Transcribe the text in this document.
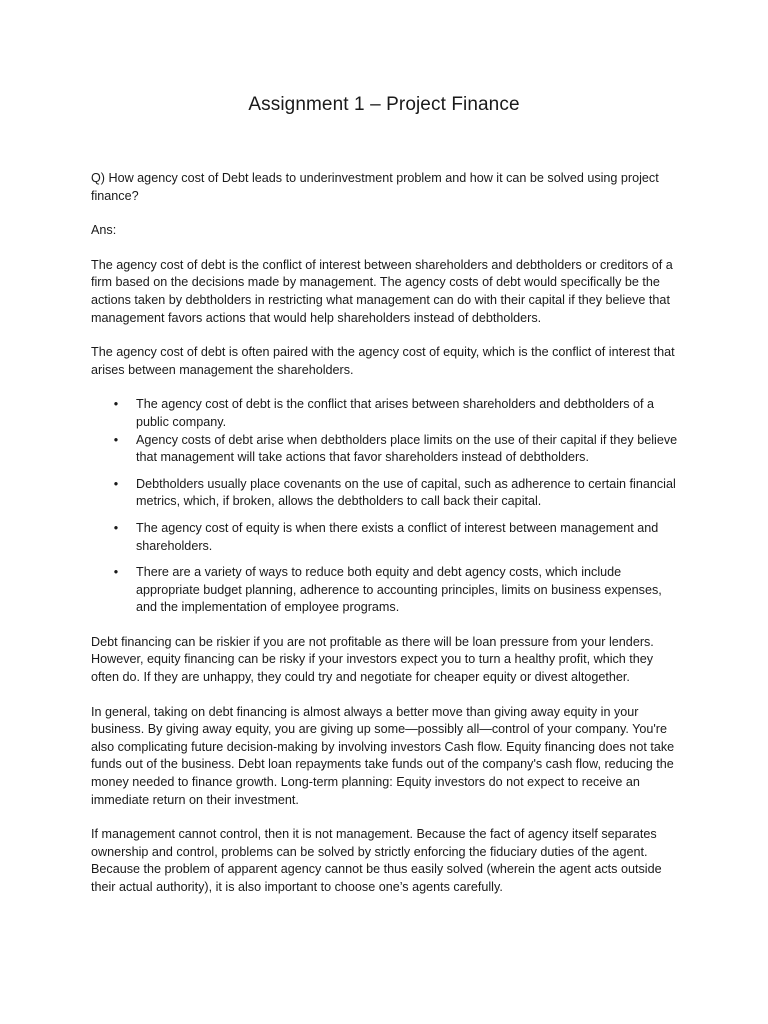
Assignment 1 – Project Finance

Q) How agency cost of Debt leads to underinvestment problem and how it can be solved using project finance?

Ans:

The agency cost of debt is the conflict of interest between shareholders and debtholders or creditors of a firm based on the decisions made by management. The agency costs of debt would specifically be the actions taken by debtholders in restricting what management can do with their capital if they believe that management favors actions that would help shareholders instead of debtholders.

The agency cost of debt is often paired with the agency cost of equity, which is the conflict of interest that arises between management the shareholders.

• The agency cost of debt is the conflict that arises between shareholders and debtholders of a public company.
• Agency costs of debt arise when debtholders place limits on the use of their capital if they believe that management will take actions that favor shareholders instead of debtholders.
• Debtholders usually place covenants on the use of capital, such as adherence to certain financial metrics, which, if broken, allows the debtholders to call back their capital.
• The agency cost of equity is when there exists a conflict of interest between management and shareholders.
• There are a variety of ways to reduce both equity and debt agency costs, which include appropriate budget planning, adherence to accounting principles, limits on business expenses, and the implementation of employee programs.

Debt financing can be riskier if you are not profitable as there will be loan pressure from your lenders. However, equity financing can be risky if your investors expect you to turn a healthy profit, which they often do. If they are unhappy, they could try and negotiate for cheaper equity or divest altogether.

In general, taking on debt financing is almost always a better move than giving away equity in your business. By giving away equity, you are giving up some—possibly all—control of your company. You're also complicating future decision-making by involving investors Cash flow. Equity financing does not take funds out of the business. Debt loan repayments take funds out of the company's cash flow, reducing the money needed to finance growth. Long-term planning: Equity investors do not expect to receive an immediate return on their investment.

If management cannot control, then it is not management. Because the fact of agency itself separates ownership and control, problems can be solved by strictly enforcing the fiduciary duties of the agent. Because the problem of apparent agency cannot be thus easily solved (wherein the agent acts outside their actual authority), it is also important to choose one’s agents carefully.
